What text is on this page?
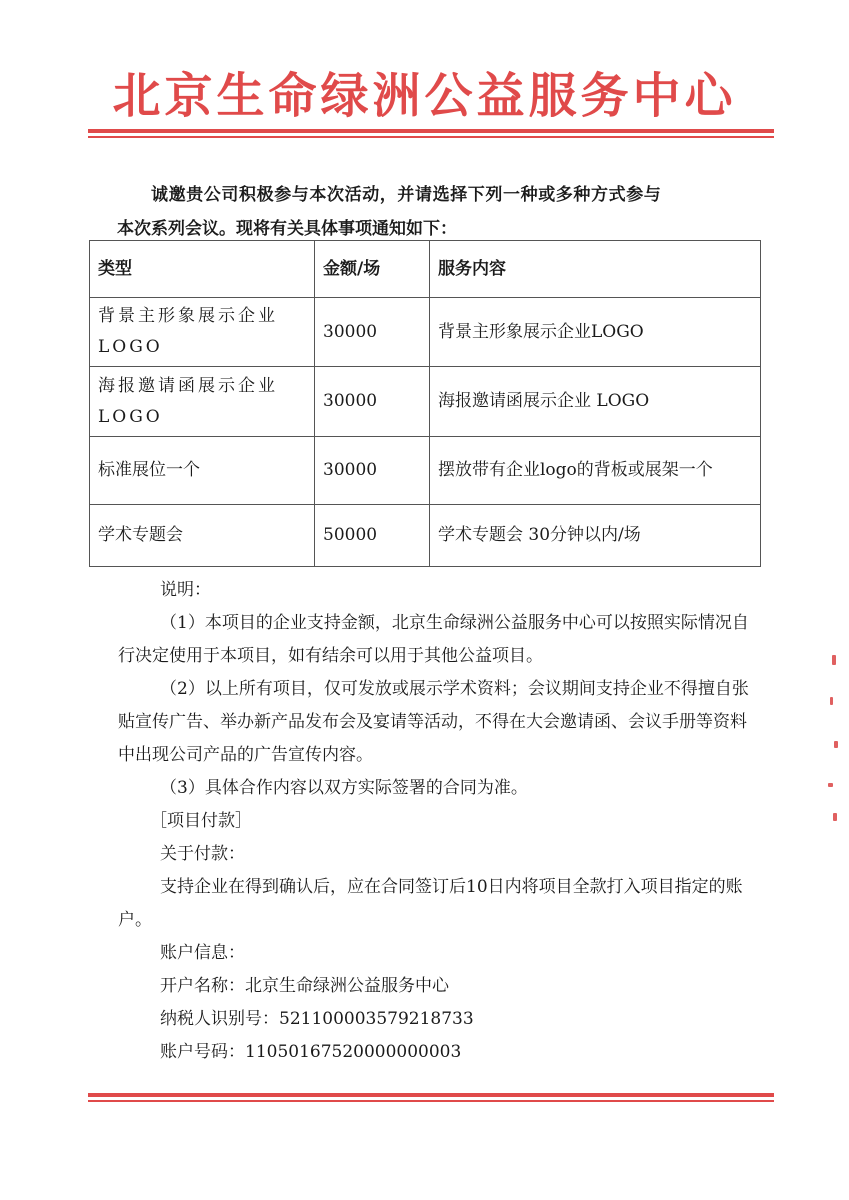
北京生命绿洲公益服务中心

诚邀贵公司积极参与本次活动，并请选择下列一种或多种方式参与

本次系列会议。现将有关具体事项通知如下：

类型	金额/场	服务内容
背景主形象展示企业LOGO	30000	背景主形象展示企业LOGO
海报邀请函展示企业LOGO	30000	海报邀请函展示企业 LOGO
标准展位一个	30000	摆放带有企业logo的背板或展架一个
学术专题会	50000	学术专题会 30分钟以内/场

说明：

（1）本项目的企业支持金额，北京生命绿洲公益服务中心可以按照实际情况自行决定使用于本项目，如有结余可以用于其他公益项目。

（2）以上所有项目，仅可发放或展示学术资料；会议期间支持企业不得擅自张贴宣传广告、举办新产品发布会及宴请等活动，不得在大会邀请函、会议手册等资料中出现公司产品的广告宣传内容。

（3）具体合作内容以双方实际签署的合同为准。

［项目付款］

关于付款：

支持企业在得到确认后，应在合同签订后10日内将项目全款打入项目指定的账户。

账户信息：

开户名称：北京生命绿洲公益服务中心

纳税人识别号：521100003579218733

账户号码：11050167520000000003
